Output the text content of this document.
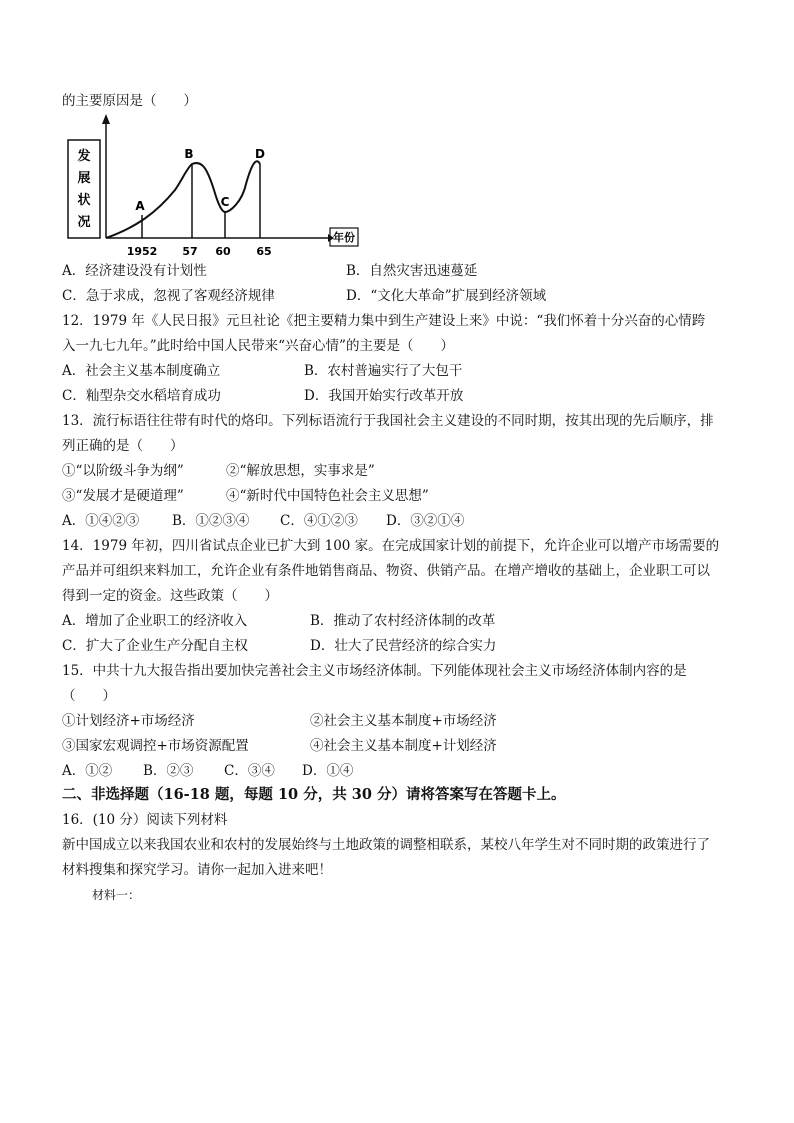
的主要原因是（　　）
发
展
状
况
年份
A
B
C
D
1952 57 60 65
A．经济建设没有计划性	B．自然灾害迅速蔓延
C．急于求成，忽视了客观经济规律	D．“文化大革命”扩展到经济领域
12．1979 年《人民日报》元旦社论《把主要精力集中到生产建设上来》中说：“我们怀着十分兴奋的心情跨
入一九七九年。”此时给中国人民带来“兴奋心情”的主要是（　　）
A．社会主义基本制度确立	B．农村普遍实行了大包干
C．籼型杂交水稻培育成功	D．我国开始实行改革开放
13．流行标语往往带有时代的烙印。下列标语流行于我国社会主义建设的不同时期，按其出现的先后顺序，排
列正确的是（　　）
①“以阶级斗争为纲”	②“解放思想，实事求是”
③“发展才是硬道理”	④“新时代中国特色社会主义思想”
A．①④②③ B．①②③④ C．④①②③ D．③②①④
14．1979 年初，四川省试点企业已扩大到 100 家。在完成国家计划的前提下，允许企业可以增产市场需要的
产品并可组织来料加工，允许企业有条件地销售商品、物资、供销产品。在增产增收的基础上，企业职工可以
得到一定的资金。这些政策（　　）
A．增加了企业职工的经济收入	B．推动了农村经济体制的改革
C．扩大了企业生产分配自主权	D．壮大了民营经济的综合实力
15．中共十九大报告指出要加快完善社会主义市场经济体制。下列能体现社会主义市场经济体制内容的是
（　　）
①计划经济+市场经济	②社会主义基本制度+市场经济
③国家宏观调控+市场资源配置	④社会主义基本制度+计划经济
A．①② B．②③ C．③④ D．①④
二、非选择题（16-18 题，每题 10 分，共 30 分）请将答案写在答题卡上。
16．(10 分）阅读下列材料
新中国成立以来我国农业和农村的发展始终与土地政策的调整相联系，某校八年学生对不同时期的政策进行了
材料搜集和探究学习。请你一起加入进来吧！
材料一：
